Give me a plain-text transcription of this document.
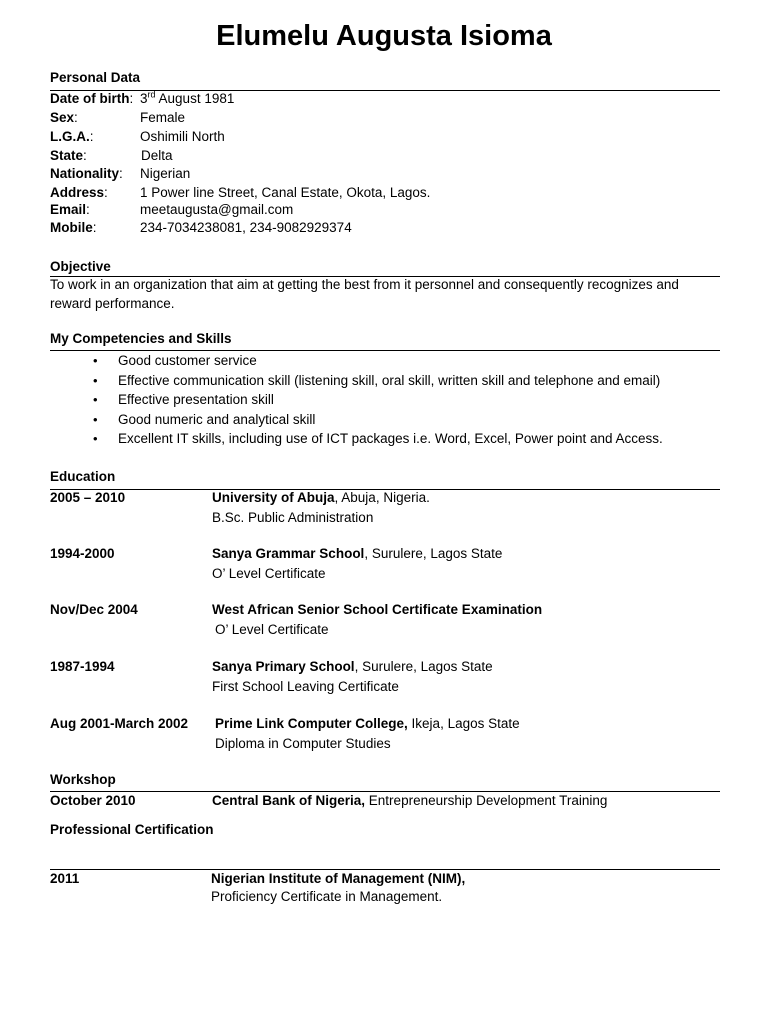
Elumelu Augusta Isioma
Personal Data
Date of birth: 3rd August 1981
Sex:	Female
L.G.A.:	Oshimili North
State:	Delta
Nationality: Nigerian
Address: 1 Power line Street, Canal Estate, Okota, Lagos.
Email:	meetaugusta@gmail.com
Mobile:	234-7034238081, 234-9082929374
Objective
To work in an organization that aim at getting the best from it personnel and consequently recognizes and
reward performance.
My Competencies and Skills
• Good customer service
• Effective communication skill (listening skill, oral skill, written skill and telephone and email)
• Effective presentation skill
• Good numeric and analytical skill
• Excellent IT skills, including use of ICT packages i.e. Word, Excel, Power point and Access.
Education
2005 – 2010	University of Abuja, Abuja, Nigeria.
B.Sc. Public Administration
1994-2000	Sanya Grammar School, Surulere, Lagos State
O’ Level Certificate
Nov/Dec 2004	West African Senior School Certificate Examination
O’ Level Certificate
1987-1994	Sanya Primary School, Surulere, Lagos State
First School Leaving Certificate
Aug 2001-March 2002 Prime Link Computer College, Ikeja, Lagos State
Diploma in Computer Studies
Workshop
October 2010	Central Bank of Nigeria, Entrepreneurship Development Training
Professional Certification
2011	Nigerian Institute of Management (NIM),
Proficiency Certificate in Management.
